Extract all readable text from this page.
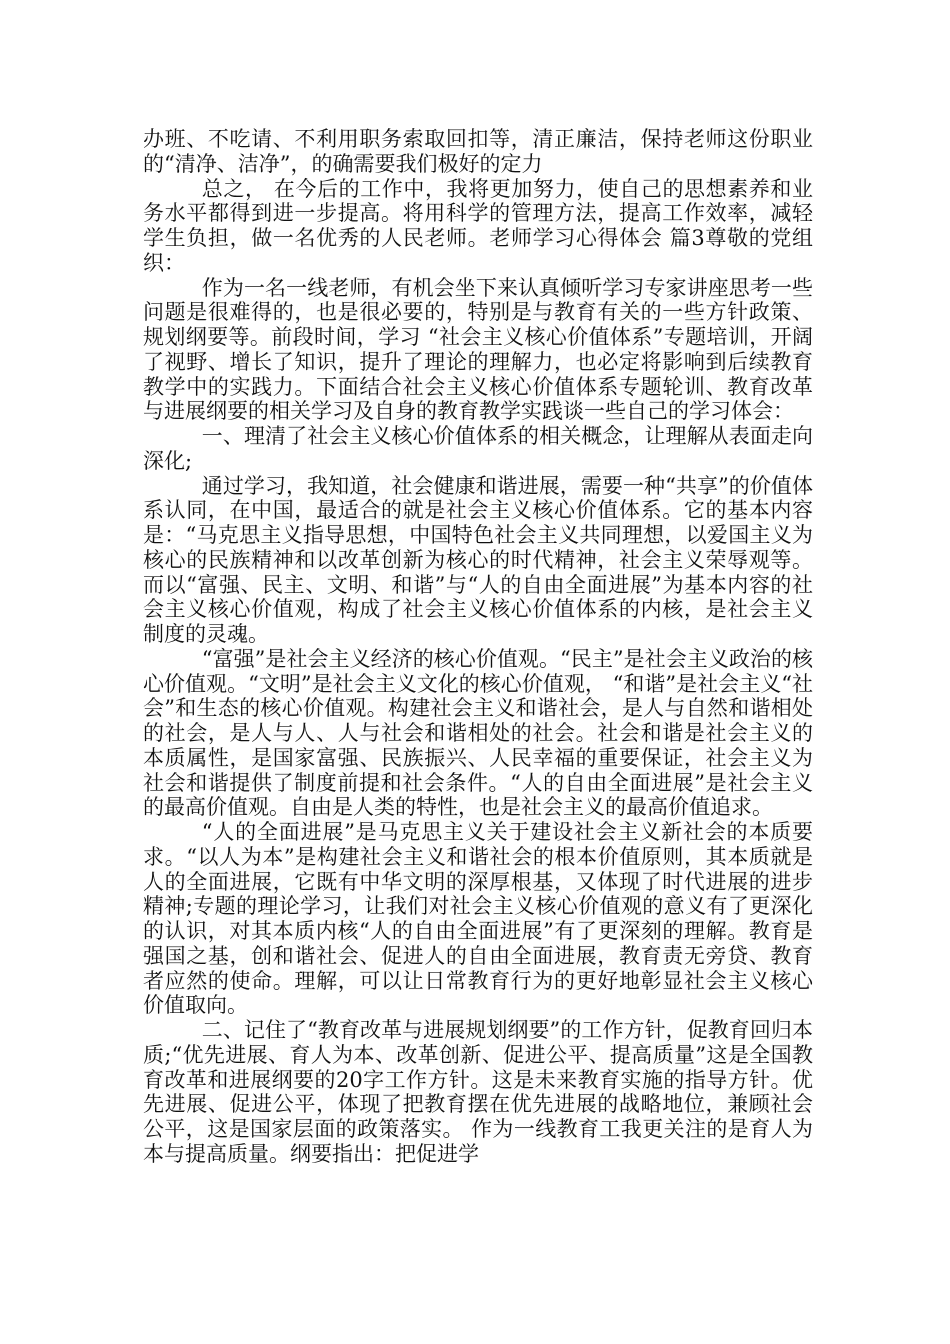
办班、不吃请、不利用职务索取回扣等，清正廉洁，保持老师这份职业的“清净、洁净”，的确需要我们极好的定力

总之， 在今后的工作中，我将更加努力，使自己的思想素养和业务水平都得到进一步提高。将用科学的管理方法，提高工作效率，减轻学生负担，做一名优秀的人民老师。老师学习心得体会 篇3尊敬的党组织：

作为一名一线老师，有机会坐下来认真倾听学习专家讲座思考一些问题是很难得的，也是很必要的，特别是与教育有关的一些方针政策、规划纲要等。前段时间，学习 “社会主义核心价值体系”专题培训，开阔了视野、增长了知识，提升了理论的理解力，也必定将影响到后续教育教学中的实践力。下面结合社会主义核心价值体系专题轮训、教育改革与进展纲要的相关学习及自身的教育教学实践谈一些自己的学习体会：

一、理清了社会主义核心价值体系的相关概念，让理解从表面走向深化;

通过学习，我知道，社会健康和谐进展，需要一种“共享”的价值体系认同，在中国，最适合的就是社会主义核心价值体系。它的基本内容是：“马克思主义指导思想，中国特色社会主义共同理想，以爱国主义为核心的民族精神和以改革创新为核心的时代精神，社会主义荣辱观等。而以“富强、民主、文明、和谐”与“人的自由全面进展”为基本内容的社会主义核心价值观，构成了社会主义核心价值体系的内核，是社会主义制度的灵魂。

“富强”是社会主义经济的核心价值观。“民主”是社会主义政治的核心价值观。“文明”是社会主义文化的核心价值观， “和谐”是社会主义“社会”和生态的核心价值观。构建社会主义和谐社会，是人与自然和谐相处的社会，是人与人、人与社会和谐相处的社会。社会和谐是社会主义的本质属性，是国家富强、民族振兴、人民幸福的重要保证，社会主义为社会和谐提供了制度前提和社会条件。“人的自由全面进展”是社会主义的最高价值观。自由是人类的特性，也是社会主义的最高价值追求。

“人的全面进展”是马克思主义关于建设社会主义新社会的本质要求。“以人为本”是构建社会主义和谐社会的根本价值原则，其本质就是人的全面进展，它既有中华文明的深厚根基，又体现了时代进展的进步精神;专题的理论学习，让我们对社会主义核心价值观的意义有了更深化的认识，对其本质内核“人的自由全面进展”有了更深刻的理解。教育是强国之基，创和谐社会、促进人的自由全面进展，教育责无旁贷、教育者应然的使命。理解，可以让日常教育行为的更好地彰显社会主义核心价值取向。

二、记住了“教育改革与进展规划纲要”的工作方针，促教育回归本质;“优先进展、育人为本、改革创新、促进公平、提高质量”这是全国教育改革和进展纲要的20字工作方针。这是未来教育实施的指导方针。优先进展、促进公平，体现了把教育摆在优先进展的战略地位，兼顾社会公平，这是国家层面的政策落实。 作为一线教育工我更关注的是育人为本与提高质量。纲要指出：把促进学
